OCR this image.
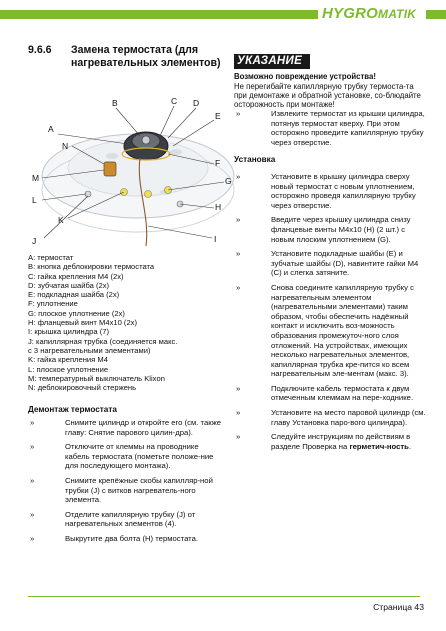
HYGROMATIK
9.6.6 Замена термостата (для нагревательных элементов)
A
B	C D
E
F
G
H
I
J
K
L
M
N
A: термостат
B: кнопка деблокировки термостата
C: гайка крепления M4 (2x)
D: зубчатая шайба (2x)
E: подкладная шайба (2x)
F: уплотнение
G: плоское уплотнение (2x)
H: фланцевый винт M4x10 (2x)
I: крышка цилиндра (7)
J: капиллярная трубка (соединяется макс.
с 3 нагревательными элементами)
K: гайка крепления M4
L: плоское уплотнение
M: температурный выключатель Klixon
N: деблокировочный стержень
Демонтаж термостата
»	Снимите цилиндр и откройте его (см. также главу: Снятие парового цилин-дра).

»	Отключите от клеммы на проводнике кабель термостата (пометьте положе-ние для последующего монтажа).

»	Снимите крепёжные скобы капилляр-ной трубки (J) с витков нагреватель-ного элемента.

»	Отделите капиллярную трубку (J) от нагревательных элементов (4).

»	Выкрутите два болта (H) термостата.

УКАЗАНИЕ
Возможно повреждение устройства!
Не перегибайте капиллярную трубку термоста-та при демонтаже и обратной установке, со-блюдайте осторожность при монтаже!
»	Извлеките термостат из крышки цилиндра, потянув термостат кверху. При этом осторожно проведите капиллярную трубку через отверстие.

Установка
»	Установите в крышку цилиндра сверху новый термостат с новым уплотнением, осторожно проведя капиллярную трубку через отверстие.

»	Введите через крышку цилиндра снизу фланцевые винты M4x10 (H) (2 шт.) с новым плоским уплотнением (G).

»	Установите подкладные шайбы (E) и зубчатые шайбы (D), навинтите гайки M4 (C) и слегка затяните.

»	Снова соедините капиллярную трубку с нагревательным элементом (нагревательными элементами) таким образом, чтобы обеспечить надёжный контакт и исключить воз-можность образования промежуточ-ного слоя отложений. На устройствах, имеющих несколько нагревательных элементов, капиллярная трубка кре-пится ко всем нагревательным эле-ментам (макс. 3).

»	Подключите кабель термостата к двум отмеченным клеммам на пере-ходнике.

»	Установите на место паровой цилиндр (см. главу Установка паро-вого цилиндра).

»	Следуйте инструкциям по действиям в разделе Проверка на герметич-ность.

Страница 43
